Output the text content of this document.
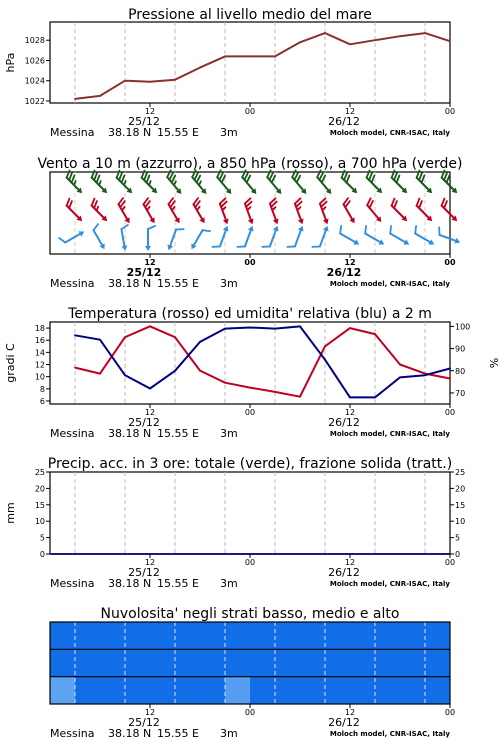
1022
1024
1026
1028
Pressione al livello medio del mare
hPa
12	00	12	00
25/12	26/12
Messina 38.18 N 15.55 E 3m	Moloch model, CNR-ISAC, Italy
Vento a 10 m (azzurro), a 850 hPa (rosso), a 700 hPa (verde)
12	00	12	00
25/12	26/12
Messina 38.18 N 15.55 E 3m	Moloch model, CNR-ISAC, Italy
6
8
10
12
14
16
18
70
80
90
100
Temperatura (rosso) ed umidita' relativa (blu) a 2 m
gradi C	%
12	00	12	00
25/12	26/12
Messina 38.18 N 15.55 E 3m	Moloch model, CNR-ISAC, Italy
0
5
10
15
20
25
0
5
10
15
20
25
Precip. acc. in 3 ore: totale (verde), frazione solida (tratt.)
mm
12	00	12	00
25/12	26/12
Messina 38.18 N 15.55 E 3m	Moloch model, CNR-ISAC, Italy
Nuvolosita' negli strati basso, medio e alto
12	00	12	00
25/12	26/12
Messina 38.18 N 15.55 E 3m	Moloch model, CNR-ISAC, Italy
